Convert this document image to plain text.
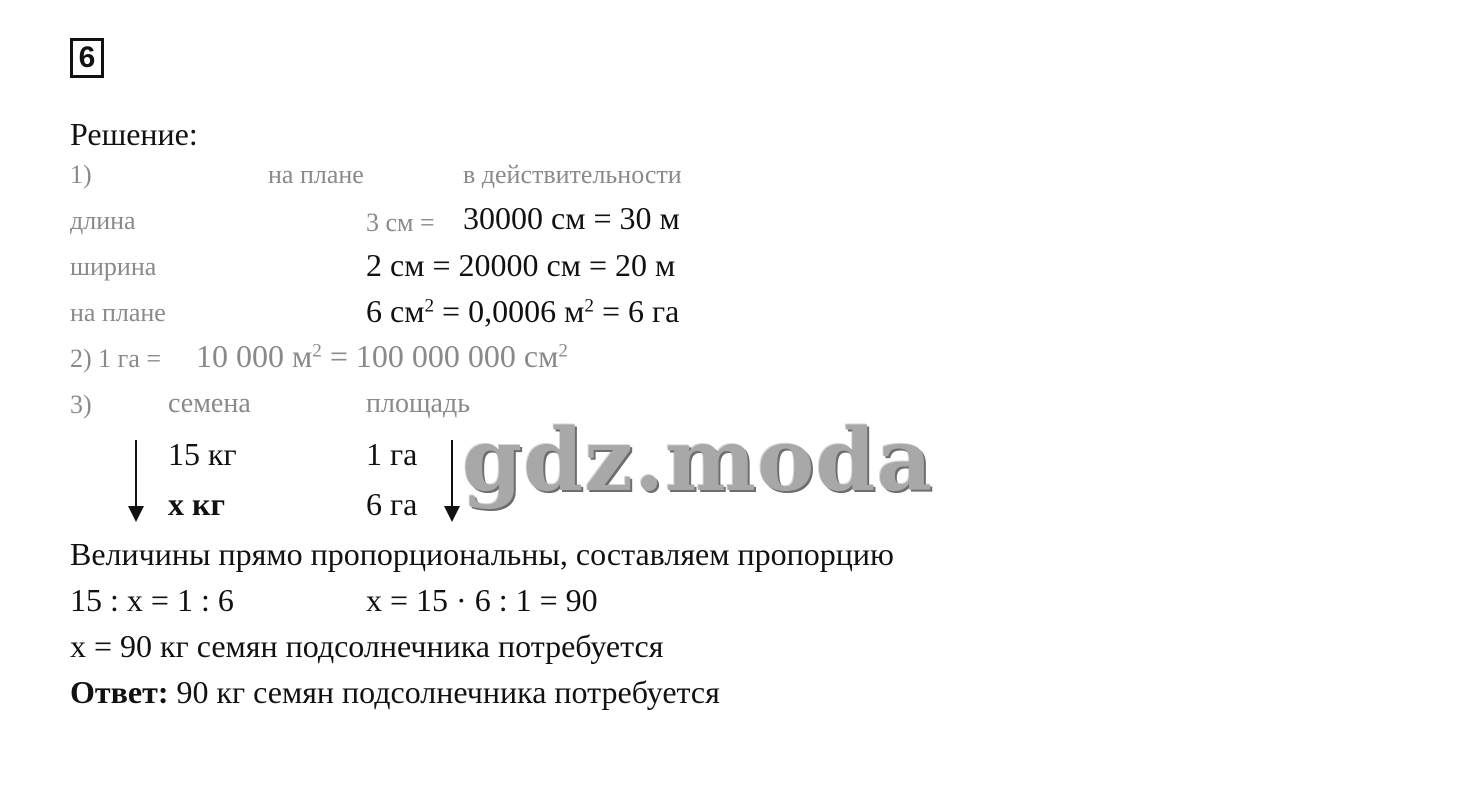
6
Решение:
1)	на плане	в действительности
длина	3 см = 30000 см = 30 м
ширина	2 см = 20000 см = 20 м
на плане	6 $см^2 = 0,0006$ $м^2 = 6$ га
2) 1 га = 10 000 $м^2 = 100$ 000 000 $см^2$
3)	семена	площадь
15 кг	1 га
х кг	6 га gdz.moda
Величины прямо пропорциональны, составляем пропорцию
15 : х = 1 : 6	х = 15 · 6 : 1 = 90
х = 90 кг семян подсолнечника потребуется
Ответ: 90 кг семян подсолнечника потребуется
